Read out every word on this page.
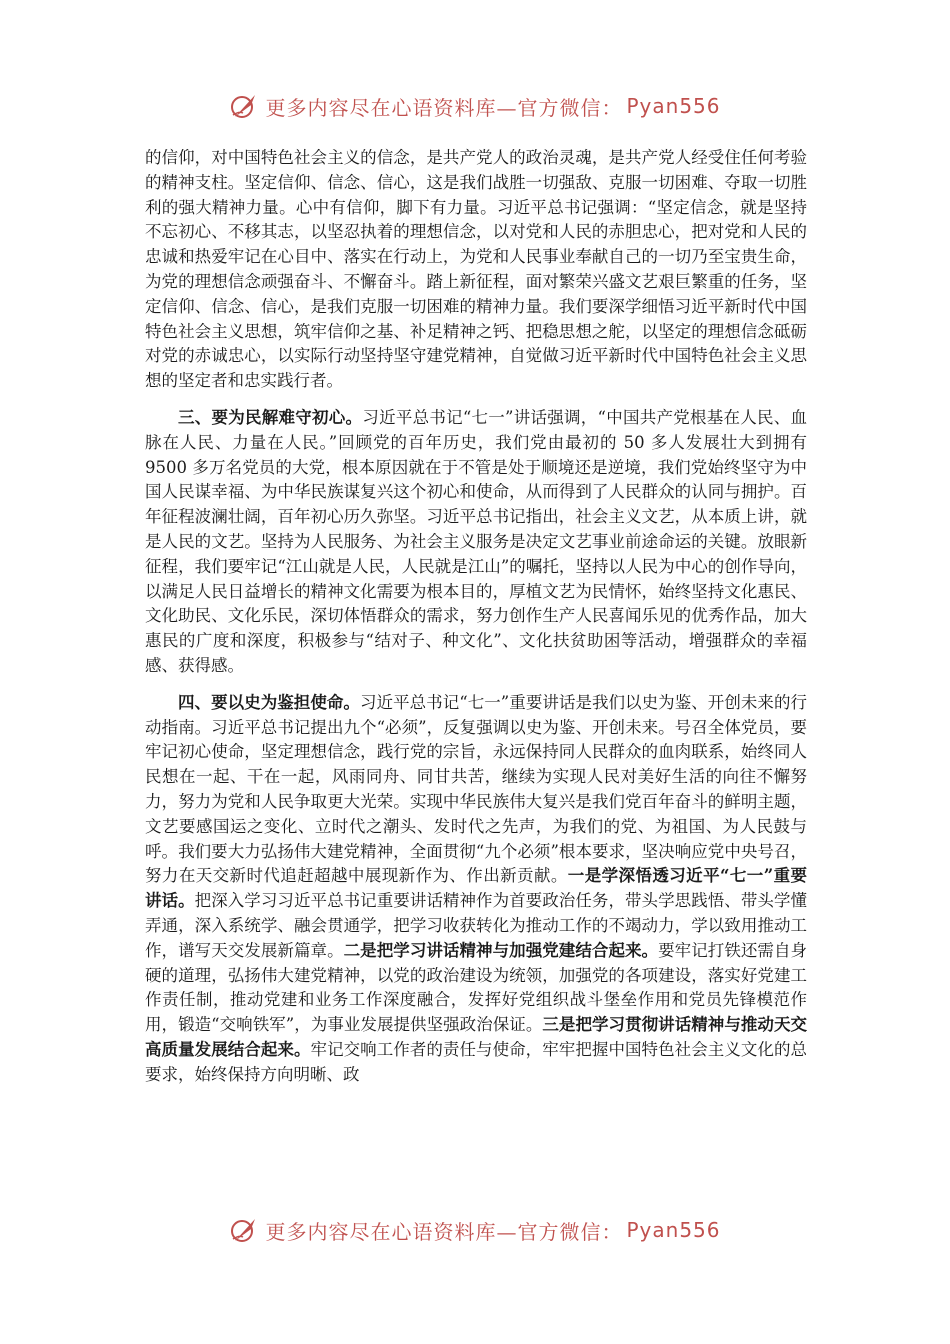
更多内容尽在心语资料库—官方微信： Pyan556

的信仰，对中国特色社会主义的信念，是共产党人的政治灵魂，是共产党人经受住任何考验的精神支柱。坚定信仰、信念、信心，这是我们战胜一切强敌、克服一切困难、夺取一切胜利的强大精神力量。心中有信仰，脚下有力量。习近平总书记强调：“坚定信念，就是坚持不忘初心、不移其志，以坚忍执着的理想信念，以对党和人民的赤胆忠心，把对党和人民的忠诚和热爱牢记在心目中、落实在行动上，为党和人民事业奉献自己的一切乃至宝贵生命，为党的理想信念顽强奋斗、不懈奋斗。踏上新征程，面对繁荣兴盛文艺艰巨繁重的任务，坚定信仰、信念、信心，是我们克服一切困难的精神力量。我们要深学细悟习近平新时代中国特色社会主义思想，筑牢信仰之基、补足精神之钙、把稳思想之舵，以坚定的理想信念砥砺对党的赤诚忠心，以实际行动坚持坚守建党精神，自觉做习近平新时代中国特色社会主义思想的坚定者和忠实践行者。

三、要为民解难守初心。习近平总书记“七一”讲话强调，“中国共产党根基在人民、血脉在人民、力量在人民。”回顾党的百年历史，我们党由最初的 50 多人发展壮大到拥有 9500 多万名党员的大党，根本原因就在于不管是处于顺境还是逆境，我们党始终坚守为中国人民谋幸福、为中华民族谋复兴这个初心和使命，从而得到了人民群众的认同与拥护。百年征程波澜壮阔，百年初心历久弥坚。习近平总书记指出，社会主义文艺，从本质上讲，就是人民的文艺。坚持为人民服务、为社会主义服务是决定文艺事业前途命运的关键。放眼新征程，我们要牢记“江山就是人民，人民就是江山”的嘱托，坚持以人民为中心的创作导向，以满足人民日益增长的精神文化需要为根本目的，厚植文艺为民情怀，始终坚持文化惠民、文化助民、文化乐民，深切体悟群众的需求，努力创作生产人民喜闻乐见的优秀作品，加大惠民的广度和深度，积极参与“结对子、种文化”、文化扶贫助困等活动，增强群众的幸福感、获得感。

四、要以史为鉴担使命。习近平总书记“七一”重要讲话是我们以史为鉴、开创未来的行动指南。习近平总书记提出九个“必须”，反复强调以史为鉴、开创未来。号召全体党员，要牢记初心使命，坚定理想信念，践行党的宗旨，永远保持同人民群众的血肉联系，始终同人民想在一起、干在一起，风雨同舟、同甘共苦，继续为实现人民对美好生活的向往不懈努力，努力为党和人民争取更大光荣。实现中华民族伟大复兴是我们党百年奋斗的鲜明主题，文艺要感国运之变化、立时代之潮头、发时代之先声，为我们的党、为祖国、为人民鼓与呼。我们要大力弘扬伟大建党精神，全面贯彻“九个必须”根本要求，坚决响应党中央号召，努力在天交新时代追赶超越中展现新作为、作出新贡献。一是学深悟透习近平“七一”重要讲话。把深入学习习近平总书记重要讲话精神作为首要政治任务，带头学思践悟、带头学懂弄通，深入系统学、融会贯通学，把学习收获转化为推动工作的不竭动力，学以致用推动工作，谱写天交发展新篇章。二是把学习讲话精神与加强党建结合起来。要牢记打铁还需自身硬的道理，弘扬伟大建党精神，以党的政治建设为统领，加强党的各项建设，落实好党建工作责任制，推动党建和业务工作深度融合，发挥好党组织战斗堡垒作用和党员先锋模范作用，锻造“交响铁军”，为事业发展提供坚强政治保证。三是把学习贯彻讲话精神与推动天交高质量发展结合起来。牢记交响工作者的责任与使命，牢牢把握中国特色社会主义文化的总要求，始终保持方向明晰、政

更多内容尽在心语资料库—官方微信： Pyan556
